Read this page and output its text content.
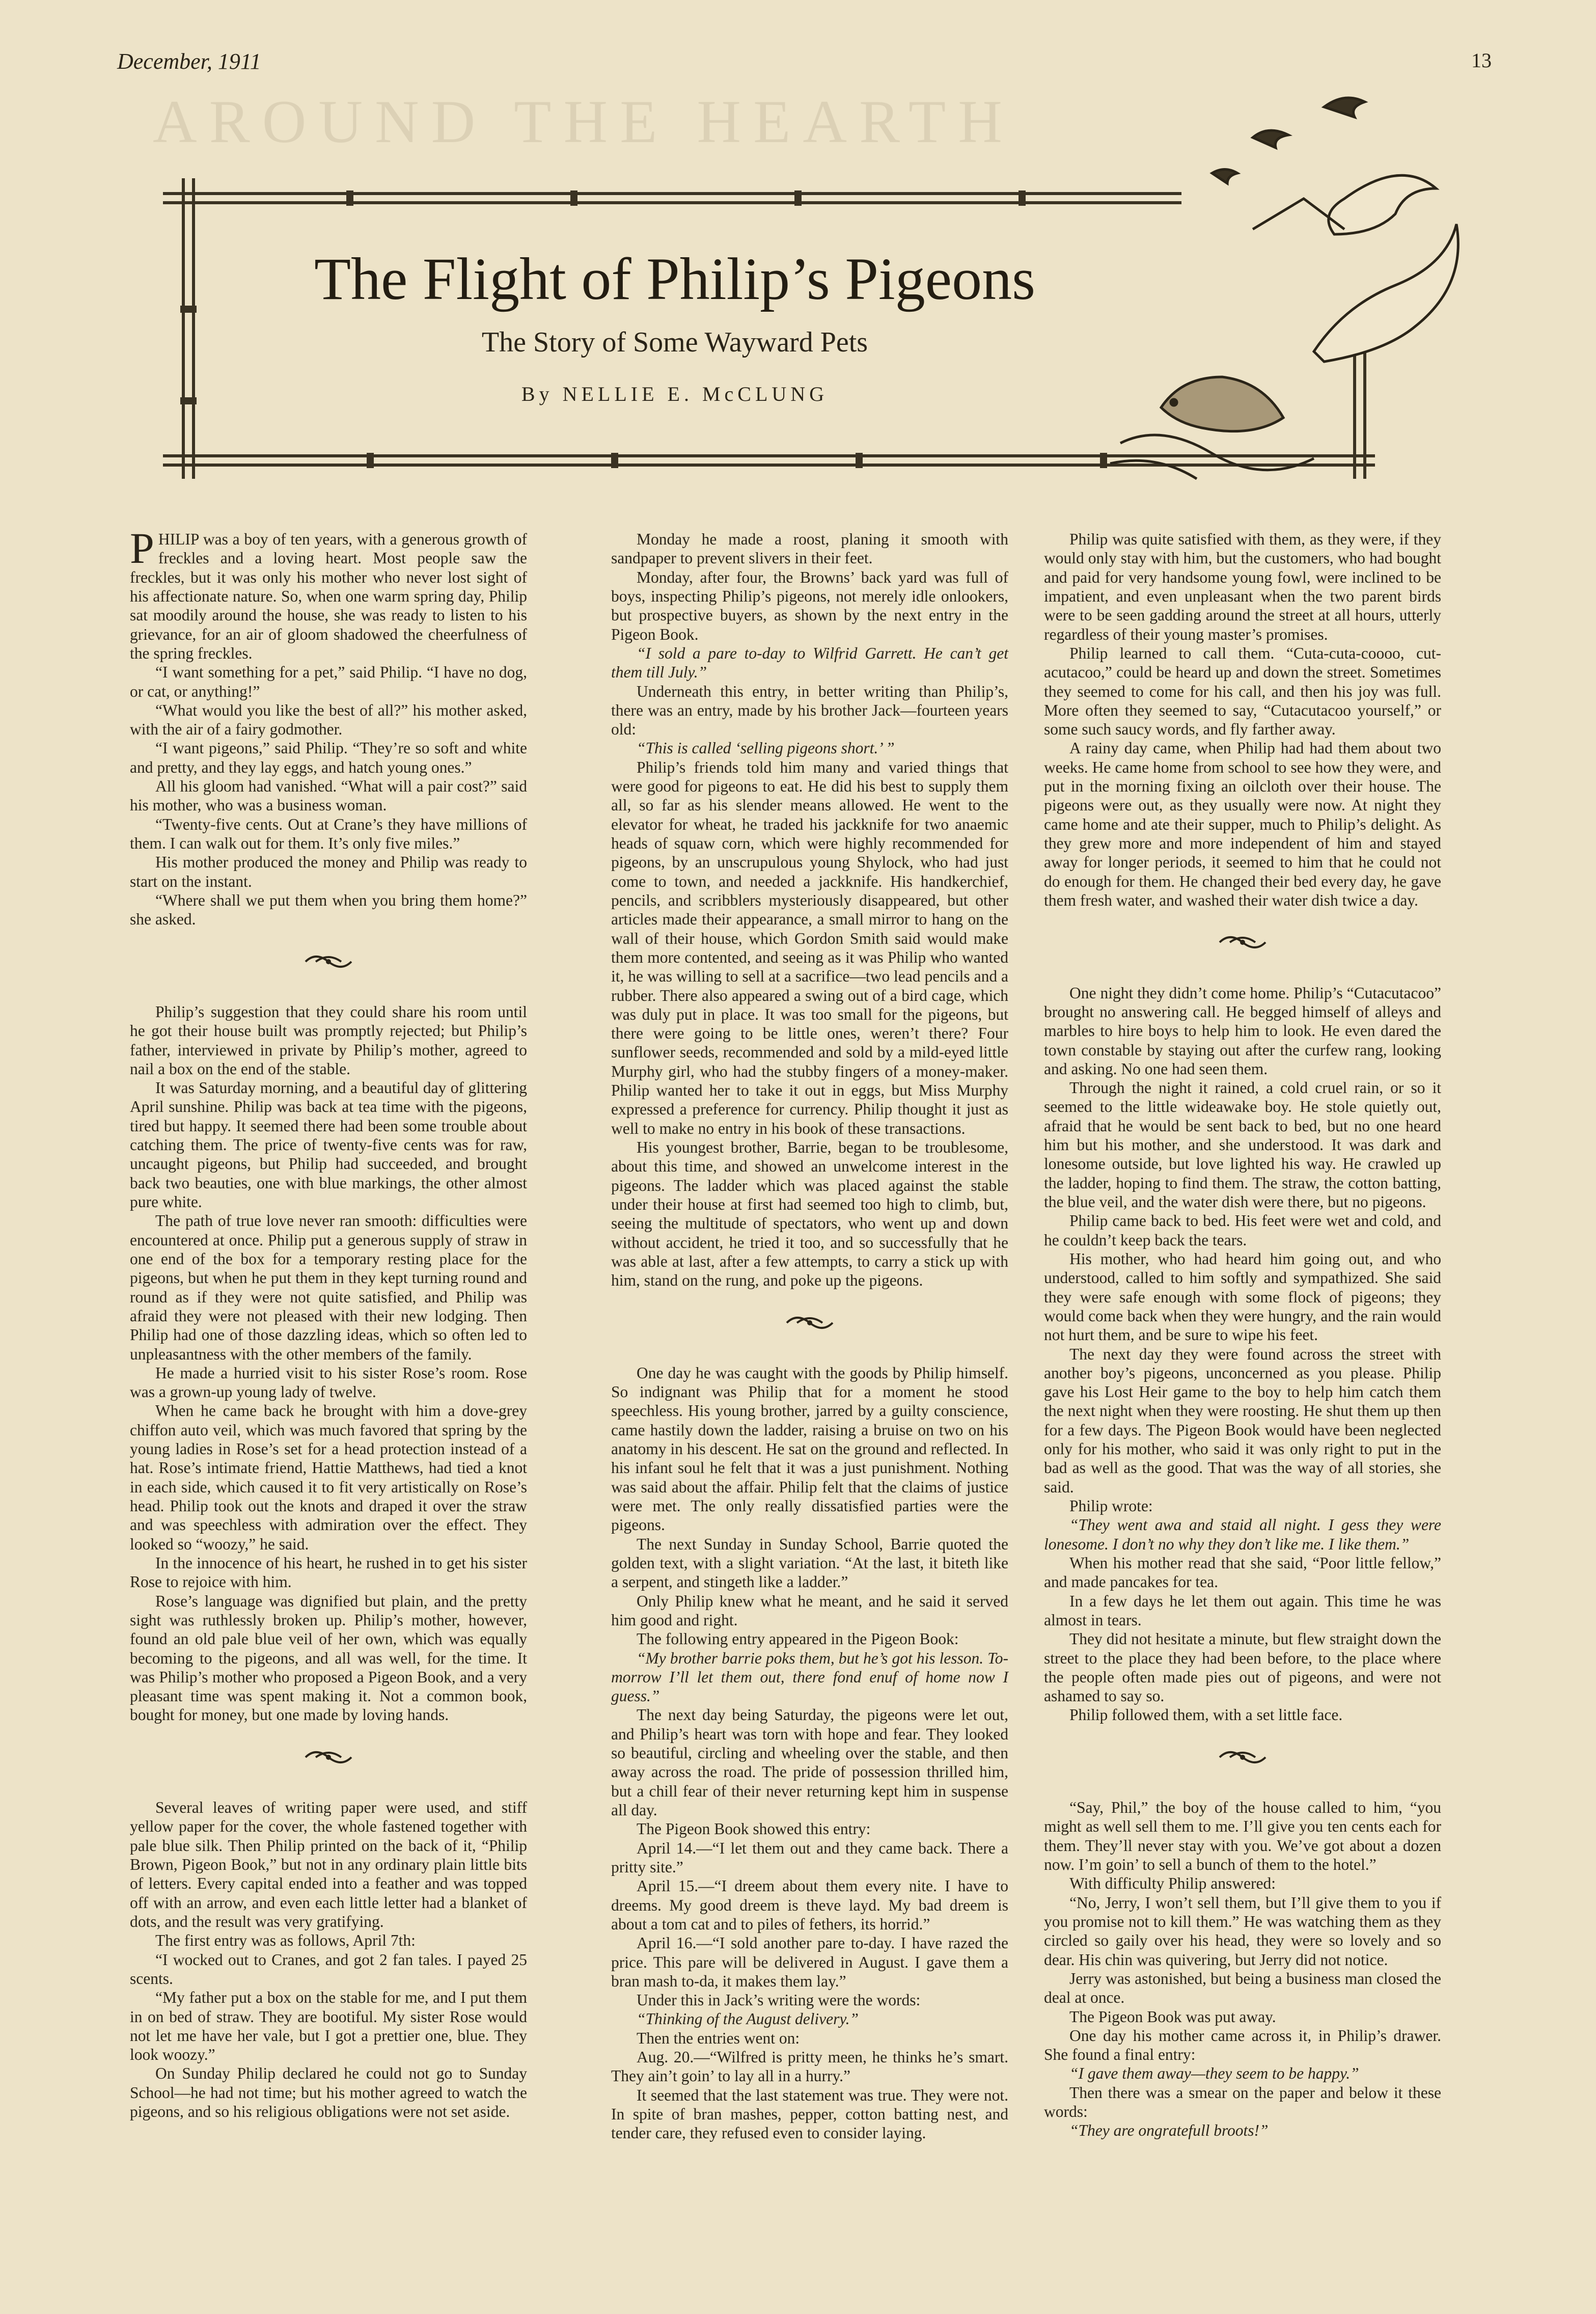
December, 1911	13
AROUND THE HEARTH
The Flight of Philip’s Pigeons
The Story of Some Wayward Pets
By NELLIE E. McCLUNG

PHILIP was a boy of ten years, with a generous growth of freckles and a loving heart. Most people saw the freckles, but it was only his mother who never lost sight of his affectionate nature. So, when one warm spring day, Philip sat moodily around the house, she was ready to listen to his grievance, for an air of gloom shadowed the cheerfulness of the spring freckles.

“I want something for a pet,” said Philip. “I have no dog, or cat, or anything!”

“What would you like the best of all?” his mother asked, with the air of a fairy godmother.

“I want pigeons,” said Philip. “They’re so soft and white and pretty, and they lay eggs, and hatch young ones.”

All his gloom had vanished. “What will a pair cost?” said his mother, who was a business woman.

“Twenty-five cents. Out at Crane’s they have millions of them. I can walk out for them. It’s only five miles.”

His mother produced the money and Philip was ready to start on the instant.

“Where shall we put them when you bring them home?” she asked.

Philip’s suggestion that they could share his room until he got their house built was promptly rejected; but Philip’s father, interviewed in private by Philip’s mother, agreed to nail a box on the end of the stable.

It was Saturday morning, and a beautiful day of glittering April sunshine. Philip was back at tea time with the pigeons, tired but happy. It seemed there had been some trouble about catching them. The price of twenty-five cents was for raw, uncaught pigeons, but Philip had succeeded, and brought back two beauties, one with blue markings, the other almost pure white.

The path of true love never ran smooth: difficulties were encountered at once. Philip put a generous supply of straw in one end of the box for a temporary resting place for the pigeons, but when he put them in they kept turning round and round as if they were not quite satisfied, and Philip was afraid they were not pleased with their new lodging. Then Philip had one of those dazzling ideas, which so often led to unpleasantness with the other members of the family.

He made a hurried visit to his sister Rose’s room. Rose was a grown-up young lady of twelve.

When he came back he brought with him a dove-grey chiffon auto veil, which was much favored that spring by the young ladies in Rose’s set for a head protection instead of a hat. Rose’s intimate friend, Hattie Matthews, had tied a knot in each side, which caused it to fit very artistically on Rose’s head. Philip took out the knots and draped it over the straw and was speechless with admiration over the effect. They looked so “woozy,” he said.

In the innocence of his heart, he rushed in to get his sister Rose to rejoice with him.

Rose’s language was dignified but plain, and the pretty sight was ruthlessly broken up. Philip’s mother, however, found an old pale blue veil of her own, which was equally becoming to the pigeons, and all was well, for the time. It was Philip’s mother who proposed a Pigeon Book, and a very pleasant time was spent making it. Not a common book, bought for money, but one made by loving hands.

Several leaves of writing paper were used, and stiff yellow paper for the cover, the whole fastened together with pale blue silk. Then Philip printed on the back of it, “Philip Brown, Pigeon Book,” but not in any ordinary plain little bits of letters. Every capital ended into a feather and was topped off with an arrow, and even each little letter had a blanket of dots, and the result was very gratifying.

The first entry was as follows, April 7th:

“I wocked out to Cranes, and got 2 fan tales. I payed 25 scents.

“My father put a box on the stable for me, and I put them in on bed of straw. They are bootiful. My sister Rose would not let me have her vale, but I got a prettier one, blue. They look woozy.”

On Sunday Philip declared he could not go to Sunday School—he had not time; but his mother agreed to watch the pigeons, and so his religious obligations were not set aside.

Monday he made a roost, planing it smooth with sandpaper to prevent slivers in their feet.

Monday, after four, the Browns’ back yard was full of boys, inspecting Philip’s pigeons, not merely idle onlookers, but prospective buyers, as shown by the next entry in the Pigeon Book.

“I sold a pare to-day to Wilfrid Garrett. He can’t get them till July.”

Underneath this entry, in better writing than Philip’s, there was an entry, made by his brother Jack—fourteen years old:

“This is called ‘selling pigeons short.’ ”

Philip’s friends told him many and varied things that were good for pigeons to eat. He did his best to supply them all, so far as his slender means allowed. He went to the elevator for wheat, he traded his jackknife for two anaemic heads of squaw corn, which were highly recommended for pigeons, by an unscrupulous young Shylock, who had just come to town, and needed a jackknife. His handkerchief, pencils, and scribblers mysteriously disappeared, but other articles made their appearance, a small mirror to hang on the wall of their house, which Gordon Smith said would make them more contented, and seeing as it was Philip who wanted it, he was willing to sell at a sacrifice—two lead pencils and a rubber. There also appeared a swing out of a bird cage, which was duly put in place. It was too small for the pigeons, but there were going to be little ones, weren’t there? Four sunflower seeds, recommended and sold by a mild-eyed little Murphy girl, who had the stubby fingers of a money-maker. Philip wanted her to take it out in eggs, but Miss Murphy expressed a preference for currency. Philip thought it just as well to make no entry in his book of these transactions.

His youngest brother, Barrie, began to be troublesome, about this time, and showed an unwelcome interest in the pigeons. The ladder which was placed against the stable under their house at first had seemed too high to climb, but, seeing the multitude of spectators, who went up and down without accident, he tried it too, and so successfully that he was able at last, after a few attempts, to carry a stick up with him, stand on the rung, and poke up the pigeons.

One day he was caught with the goods by Philip himself. So indignant was Philip that for a moment he stood speechless. His young brother, jarred by a guilty conscience, came hastily down the ladder, raising a bruise on two on his anatomy in his descent. He sat on the ground and reflected. In his infant soul he felt that it was a just punishment. Nothing was said about the affair. Philip felt that the claims of justice were met. The only really dissatisfied parties were the pigeons.

The next Sunday in Sunday School, Barrie quoted the golden text, with a slight variation. “At the last, it biteth like a serpent, and stingeth like a ladder.”

Only Philip knew what he meant, and he said it served him good and right.

The following entry appeared in the Pigeon Book:

“My brother barrie poks them, but he’s got his lesson. To-morrow I’ll let them out, there fond enuf of home now I guess.”

The next day being Saturday, the pigeons were let out, and Philip’s heart was torn with hope and fear. They looked so beautiful, circling and wheeling over the stable, and then away across the road. The pride of possession thrilled him, but a chill fear of their never returning kept him in suspense all day.

The Pigeon Book showed this entry:

April 14.—“I let them out and they came back. There a pritty site.”

April 15.—“I dreem about them every nite. I have to dreems. My good dreem is theve layd. My bad dreem is about a tom cat and to piles of fethers, its horrid.”

April 16.—“I sold another pare to-day. I have razed the price. This pare will be delivered in August. I gave them a bran mash to-da, it makes them lay.”

Under this in Jack’s writing were the words:

“Thinking of the August delivery.”

Then the entries went on:

Aug. 20.—“Wilfred is pritty meen, he thinks he’s smart. They ain’t goin’ to lay all in a hurry.”

It seemed that the last statement was true. They were not. In spite of bran mashes, pepper, cotton batting nest, and tender care, they refused even to consider laying.

Philip was quite satisfied with them, as they were, if they would only stay with him, but the customers, who had bought and paid for very handsome young fowl, were inclined to be impatient, and even unpleasant when the two parent birds were to be seen gadding around the street at all hours, utterly regardless of their young master’s promises.

Philip learned to call them. “Cuta-cuta-coooo, cut-acutacoo,” could be heard up and down the street. Sometimes they seemed to come for his call, and then his joy was full. More often they seemed to say, “Cutacutacoo yourself,” or some such saucy words, and fly farther away.

A rainy day came, when Philip had had them about two weeks. He came home from school to see how they were, and put in the morning fixing an oilcloth over their house. The pigeons were out, as they usually were now. At night they came home and ate their supper, much to Philip’s delight. As they grew more and more independent of him and stayed away for longer periods, it seemed to him that he could not do enough for them. He changed their bed every day, he gave them fresh water, and washed their water dish twice a day.

One night they didn’t come home. Philip’s “Cutacutacoo” brought no answering call. He begged himself of alleys and marbles to hire boys to help him to look. He even dared the town constable by staying out after the curfew rang, looking and asking. No one had seen them.

Through the night it rained, a cold cruel rain, or so it seemed to the little wideawake boy. He stole quietly out, afraid that he would be sent back to bed, but no one heard him but his mother, and she understood. It was dark and lonesome outside, but love lighted his way. He crawled up the ladder, hoping to find them. The straw, the cotton batting, the blue veil, and the water dish were there, but no pigeons.

Philip came back to bed. His feet were wet and cold, and he couldn’t keep back the tears.

His mother, who had heard him going out, and who understood, called to him softly and sympathized. She said they were safe enough with some flock of pigeons; they would come back when they were hungry, and the rain would not hurt them, and be sure to wipe his feet.

The next day they were found across the street with another boy’s pigeons, unconcerned as you please. Philip gave his Lost Heir game to the boy to help him catch them the next night when they were roosting. He shut them up then for a few days. The Pigeon Book would have been neglected only for his mother, who said it was only right to put in the bad as well as the good. That was the way of all stories, she said.

Philip wrote:

“They went awa and staid all night. I gess they were lonesome. I don’t no why they don’t like me. I like them.”

When his mother read that she said, “Poor little fellow,” and made pancakes for tea.

In a few days he let them out again. This time he was almost in tears.

They did not hesitate a minute, but flew straight down the street to the place they had been before, to the place where the people often made pies out of pigeons, and were not ashamed to say so.

Philip followed them, with a set little face.

“Say, Phil,” the boy of the house called to him, “you might as well sell them to me. I’ll give you ten cents each for them. They’ll never stay with you. We’ve got about a dozen now. I’m goin’ to sell a bunch of them to the hotel.”

With difficulty Philip answered:

“No, Jerry, I won’t sell them, but I’ll give them to you if you promise not to kill them.” He was watching them as they circled so gaily over his head, they were so lovely and so dear. His chin was quivering, but Jerry did not notice.

Jerry was astonished, but being a business man closed the deal at once.

The Pigeon Book was put away.

One day his mother came across it, in Philip’s drawer. She found a final entry:

“I gave them away—they seem to be happy.”

Then there was a smear on the paper and below it these words:

“They are ongratefull broots!”
